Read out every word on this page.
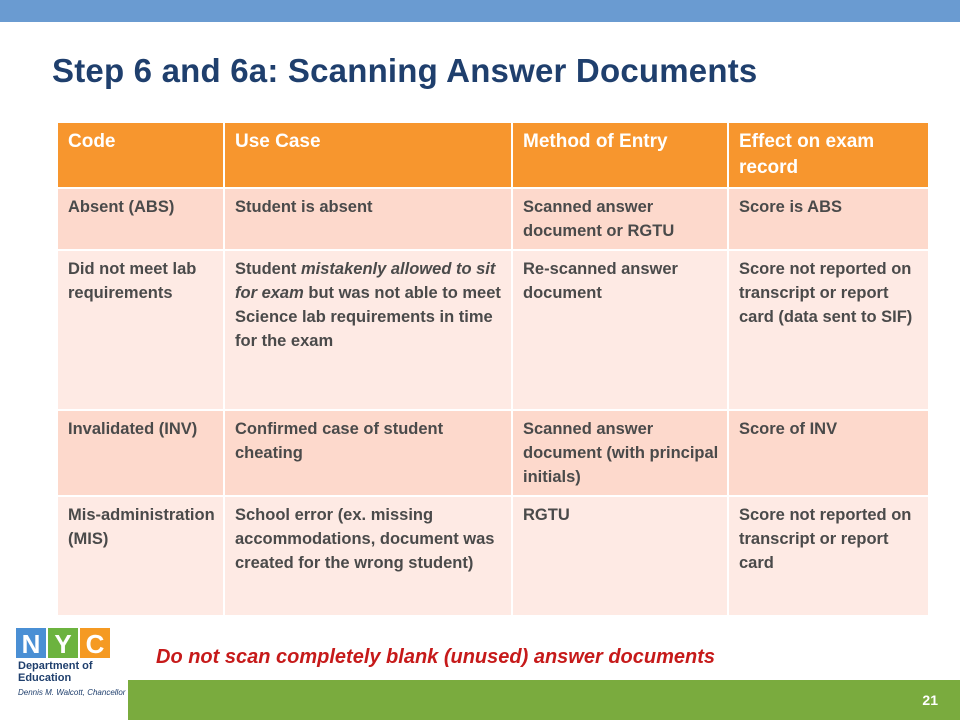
Step 6 and 6a: Scanning Answer Documents
Code	Use Case	Method of Entry	Effect on exam record
Absent (ABS)	Student is absent	Scanned answer document or RGTU	Score is ABS
Did not meet lab requirements	Student mistakenly allowed to sit for exam but was not able to meet Science lab requirements in time for the exam	Re-scanned answer document	Score not reported on transcript or report card (data sent to SIF)
Invalidated (INV)	Confirmed case of student cheating	Scanned answer document (with principal initials)	Score of INV
Mis-administration (MIS)	School error (ex. missing accommodations, document was created for the wrong student)	RGTU	Score not reported on transcript or report card
Do not scan completely blank (unused) answer documents
21
N Y C
Department of
Education
Dennis M. Walcott, Chancellor
